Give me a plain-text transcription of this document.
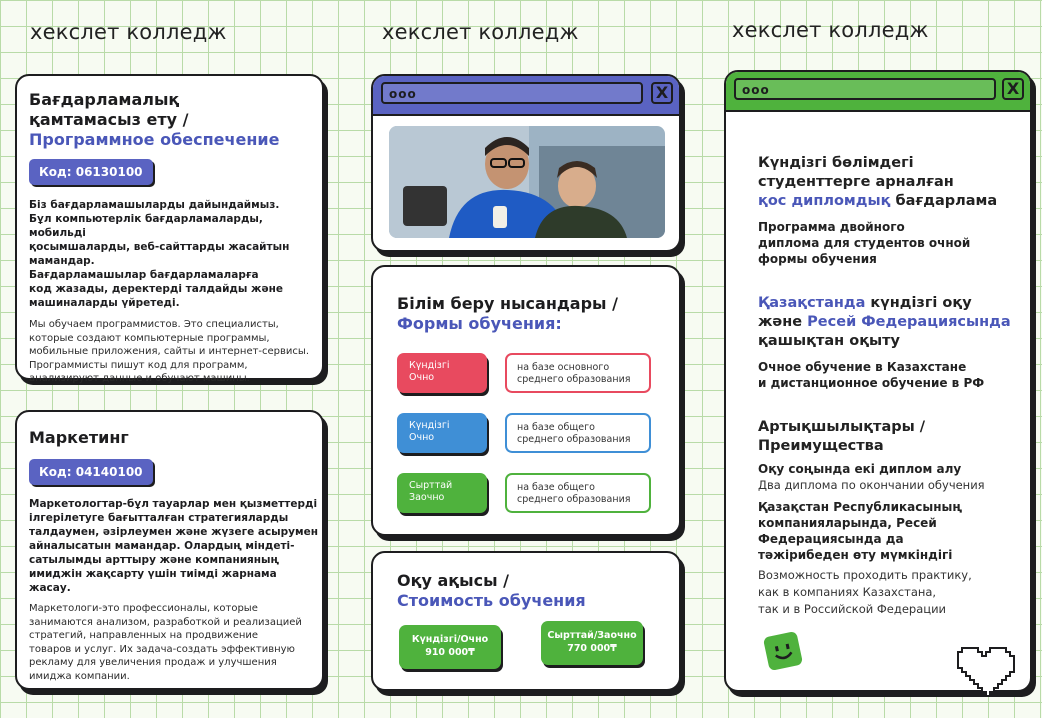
хекслет колледж	хекслет колледж	хекслет колледж
Бағдарламалық
қамтамасыз ету /
Программное обеспечение
Код: 06130100
Біз бағдарламашыларды дайындаймыз.
Бұл компьютерлік бағдарламаларды, мобильді
қосымшаларды, веб-сайттарды жасайтын
мамандар.
Бағдарламашылар бағдарламаларға
код жазады, деректерді талдайды және
машиналарды үйретеді.
Мы обучаем программистов. Это специалисты,
которые создают компьютерные программы,
мобильные приложения, сайты и интернет-сервисы.
Программисты пишут код для программ,
анализируют данные и обучают машины.
Маркетинг
Код: 04140100
Маркетологтар-бұл тауарлар мен қызметтерді
ілгерілетуге бағытталған стратегияларды
талдаумен, әзірлеумен және жүзеге асырумен
айналысатын мамандар. Олардың міндеті-
сатылымды арттыру және компанияның
имиджін жақсарту үшін тиімді жарнама
жасау.
Маркетологи-это профессионалы, которые
занимаются анализом, разработкой и реализацией
стратегий, направленных на продвижение
товаров и услуг. Их задача-создать эффективную
рекламу для увеличения продаж и улучшения
имиджа компании.
ooo	X
Білім беру нысандары /
Формы обучения:
Күндізгі
Очно
на базе основного
среднего образования
Күндізгі
Очно
на базе общего
среднего образования
Сырттай
Заочно
на базе общего
среднего образования
Оқу ақысы /
Стоимость обучения
Күндізгі/Очно
910 000₸
Сырттай/Заочно
770 000₸
ooo	X
Күндізгі бөлімдегі
студенттерге арналған
қос дипломдық бағдарлама
Программа двойного
диплома для студентов очной
формы обучения
Қазақстанда күндізгі оқу
және Ресей Федерациясында
қашықтан оқыту
Очное обучение в Казахстане
и дистанционное обучение в РФ
Артықшылықтары /
Преимущества
Оқу соңында екі диплом алу
Два диплома по окончании обучения
Қазақстан Республикасының
компанияларында, Ресей
Федерациясында да
тәжірибеден өту мүмкіндігі
Возможность проходить практику,
как в компаниях Казахстана,
так и в Российской Федерации
